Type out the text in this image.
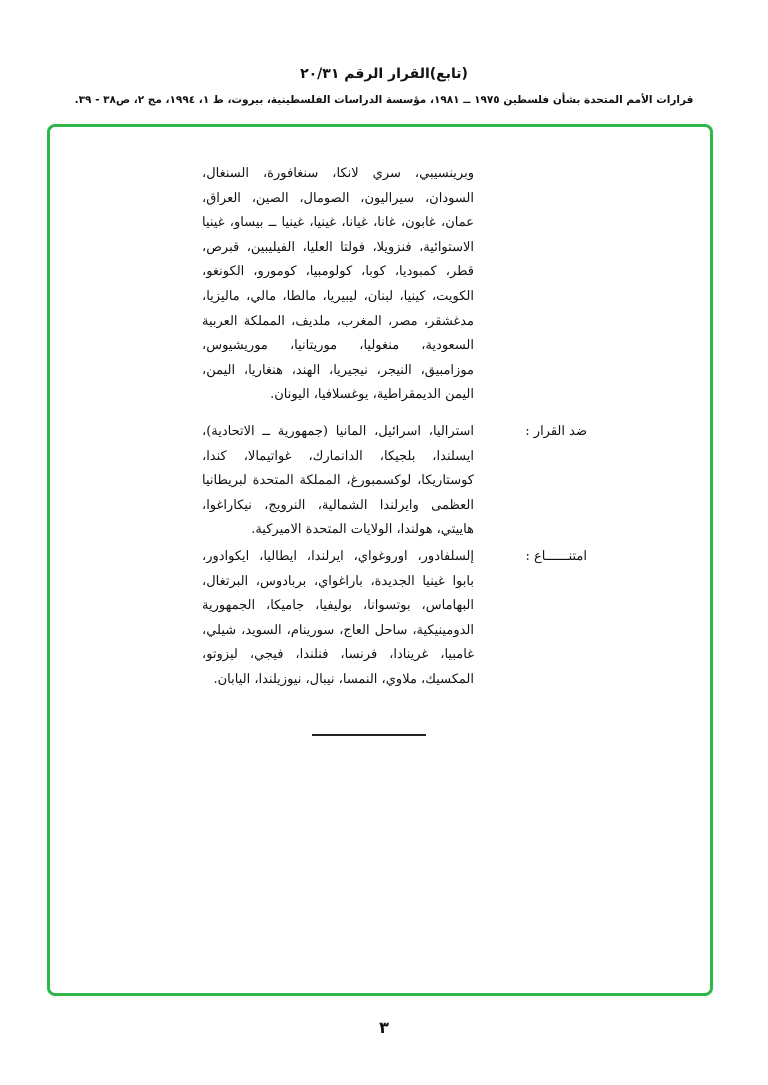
(تابع)القرار الرقم ٢٠/٣١
قرارات الأمم المتحدة بشأن فلسطين ١٩٧٥ ــ ١٩٨١، مؤسسة الدراسات الفلسطينية، بيروت، ط ١، ١٩٩٤، مج ٢، ص٣٨ - ٣٩.

وبرينسيبي، سري لانكا، سنغافورة، السنغال، السودان، سيراليون، الصومال، الصين، العراق، عمان، غابون، غانا، غيانا، غينيا، غينيا ــ بيساو، غينيا الاستوائية، فنزويلا، فولتا العليا، الفيليبين، قبرص، قطر، كمبوديا، كوبا، كولومبيا، كومورو، الكونغو، الكويت، كينيا، لبنان، ليبيريا، مالطا، مالي، ماليزيا، مدغشقر، مصر، المغرب، ملديف، المملكة العربية السعودية، منغوليا، موريتانيا، موريشيوس، موزامبيق، النيجر، نيجيريا، الهند، هنغاريا، اليمن، اليمن الديمقراطية، يوغسلافيا، اليونان.

ضد القرار :
استراليا، اسرائيل، المانيا (جمهورية ــ الاتحادية)، ايسلندا، بلجيكا، الدانمارك، غواتيمالا، كندا، كوستاريكا، لوكسمبورغ، المملكة المتحدة لبريطانيا العظمى وايرلندا الشمالية، النرويج، نيكاراغوا، هاييتي، هولندا، الولايات المتحدة الاميركية.
امتنــــــاع :
إلسلفادور، اوروغواي، ايرلندا، ايطاليا، ايكوادور، بابوا غينيا الجديدة، باراغواي، بربادوس، البرتغال، البهاماس، بوتسوانا، بوليفيا، جاميكا، الجمهورية الدومينيكية، ساحل العاج، سورينام، السويد، شيلي، غامبيا، غرينادا، فرنسا، فنلندا، فيجي، ليزوتو، المكسيك، ملاوي، النمسا، نيبال، نيوزيلندا، اليابان.
٣
